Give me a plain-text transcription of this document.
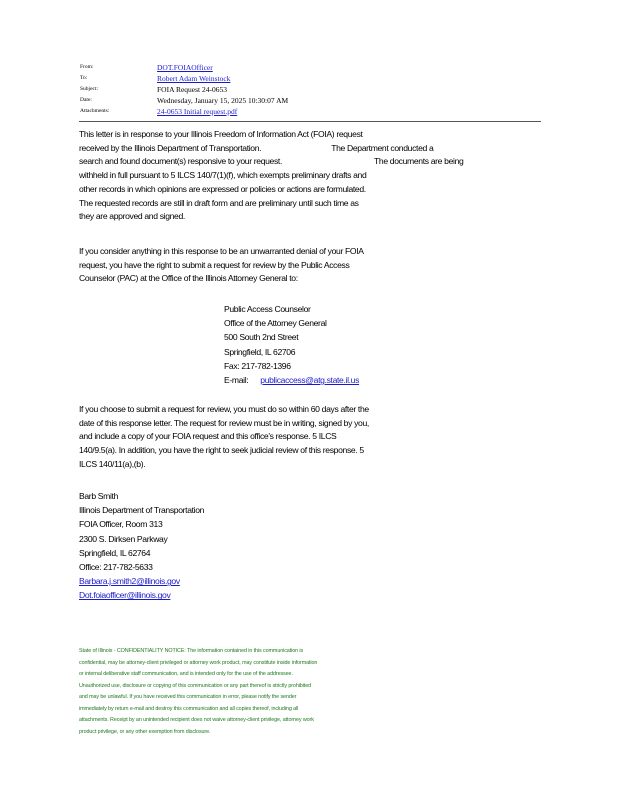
From:	DOT.FOIAOfficer
To:	Robert Adam Weinstock
Subject:	FOIA Request 24-0653
Date:	Wednesday, January 15, 2025 10:30:07 AM
Attachments:	24-0653 Initial request.pdf
This letter is in response to your Illinois Freedom of Information Act (FOIA) request
received by the Illinois Department of Transportation.	The Department conducted a
search and found document(s) responsive to your request.	The documents are being
withheld in full pursuant to 5 ILCS 140/7(1)(f), which exempts preliminary drafts and
other records in which opinions are expressed or policies or actions are formulated.
The requested records are still in draft form and are preliminary until such time as
they are approved and signed.
If you consider anything in this response to be an unwarranted denial of your FOIA
request, you have the right to submit a request for review by the Public Access
Counselor (PAC) at the Office of the Illinois Attorney General to:
Public Access Counselor
Office of the Attorney General
500 South 2nd Street
Springfield, IL 62706
Fax: 217-782-1396
E-mail: publicaccess@atg.state.il.us
If you choose to submit a request for review, you must do so within 60 days after the
date of this response letter. The request for review must be in writing, signed by you,
and include a copy of your FOIA request and this office's response. 5 ILCS
140/9.5(a). In addition, you have the right to seek judicial review of this response. 5
ILCS 140/11(a),(b).
Barb Smith
Illinois Department of Transportation
FOIA Officer, Room 313
2300 S. Dirksen Parkway
Springfield, IL 62764
Office: 217-782-5633
Barbara.j.smith2@illinois.gov
Dot.foiaofficer@illinois.gov
State of Illinois - CONFIDENTIALITY NOTICE: The information contained in this communication is
confidential, may be attorney-client privileged or attorney work product, may constitute inside information
or internal deliberative staff communication, and is intended only for the use of the addressee.
Unauthorized use, disclosure or copying of this communication or any part thereof is strictly prohibited
and may be unlawful. If you have received this communication in error, please notify the sender
immediately by return e-mail and destroy this communication and all copies thereof, including all
attachments. Receipt by an unintended recipient does not waive attorney-client privilege, attorney work
product privilege, or any other exemption from disclosure.
